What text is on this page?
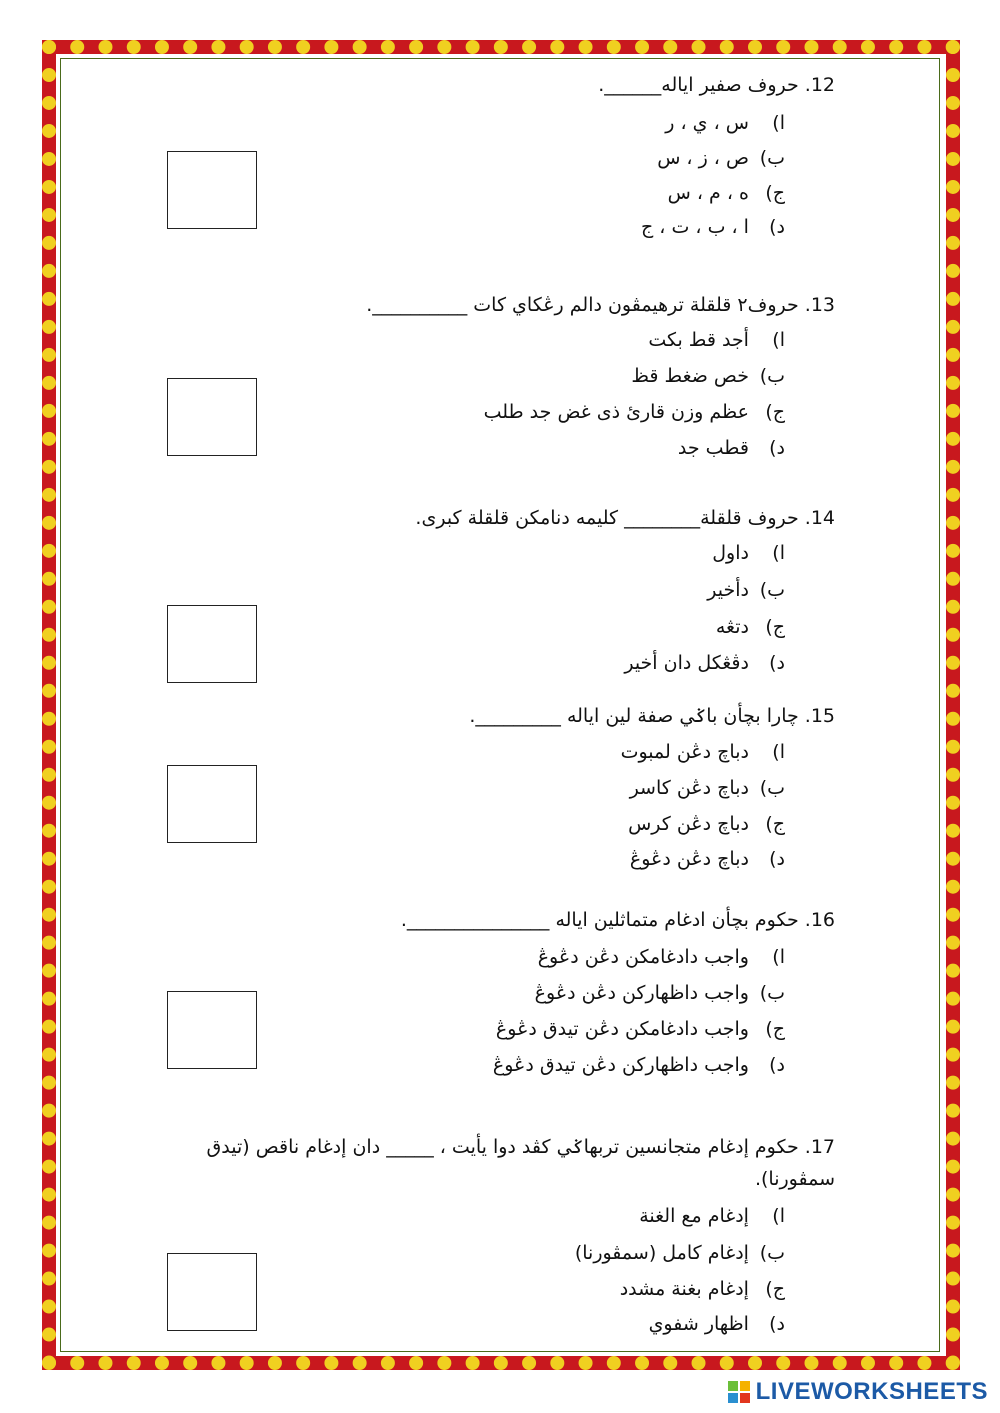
12. حروف صفير اياله______.
ا) س ، ي ، ر
ب) ص ، ز ، س
ج) ه ، م ، س
د) ا ، ب ، ت ، ج
13. حروف٢ قلقلة ترهيمڤون دالم رڠكاي كات __________.
ا) أجد قط بكت
ب) خص ضغط قظ
ج) عظم وزن قارئ ذى غض جد طلب
د) قطب جد
14. حروف قلقلة________ كليمه دنامكن قلقلة كبرى.
ا) داول
ب) دأخير
ج) دتڠه
د) دڤڠكل دان أخير
15. چارا بچأن باݢي صفة لين اياله _________.
ا) دباچ دڠن لمبوت
ب) دباچ دڠن كاسر
ج) دباچ دڠن كرس
د) دباچ دڠن دڠوڠ
16. حكوم بچأن ادغام متماثلين اياله _______________.
ا) واجب دادغامكن دڠن دڠوڠ
ب) واجب داظهاركن دڠن دڠوڠ
ج) واجب دادغامكن دڠن تيدق دڠوڠ
د) واجب داظهاركن دڠن تيدق دڠوڠ
17. حكوم إدغام متجانسين تربهاݢي كڤد دوا يأيت ، _____ دان إدغام ناقص (تيدق سمڤورنا).
ا) إدغام مع الغنة
ب) إدغام كامل (سمڤورنا)
ج) إدغام بغنة مشدد
د) اظهار شفوي
LIVEWORKSHEETS
